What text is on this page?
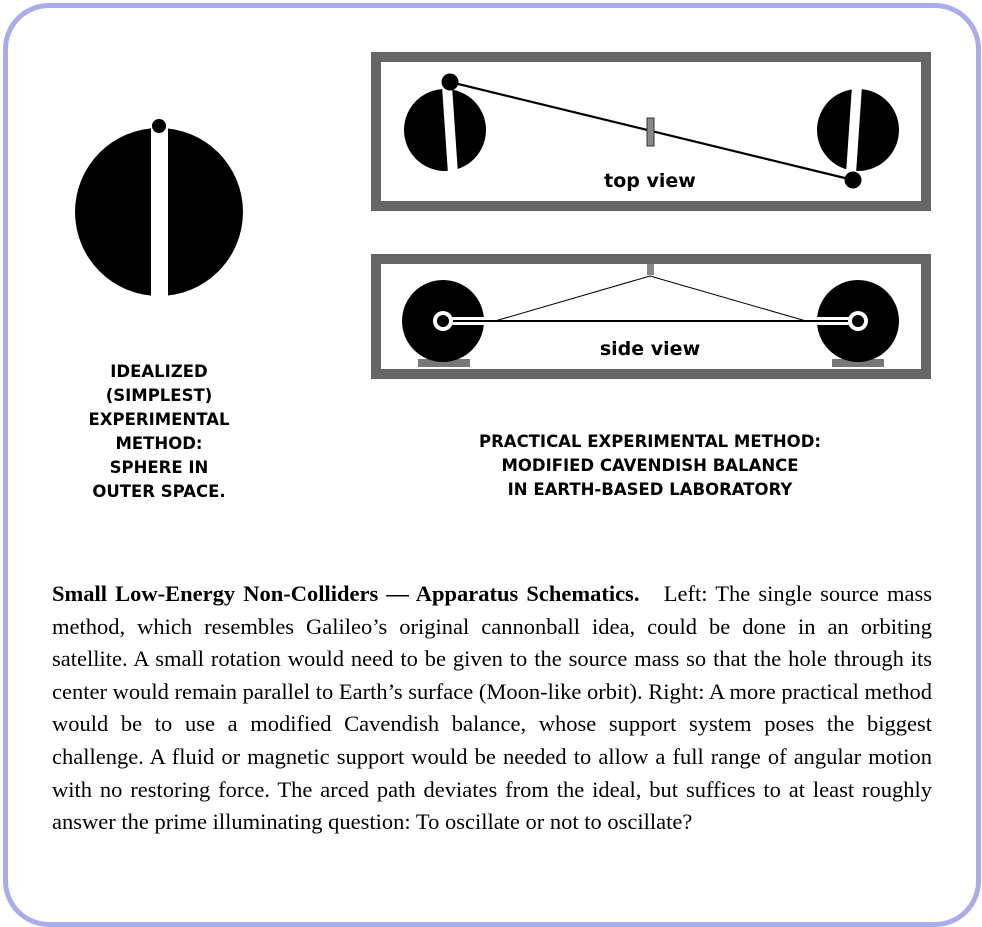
top view
side view
IDEALIZED
(SIMPLEST)
EXPERIMENTAL
METHOD:
SPHERE IN
OUTER SPACE.
PRACTICAL EXPERIMENTAL METHOD:
MODIFIED CAVENDISH BALANCE
IN EARTH-BASED LABORATORY
Small Low-Energy Non-Colliders — Apparatus Schematics. Left: The single source mass method, which resembles Galileo’s original cannonball idea, could be done in an orbiting satellite. A small rotation would need to be given to the source mass so that the hole through its center would remain parallel to Earth’s surface (Moon-like orbit). Right: A more practical method would be to use a modified Cavendish balance, whose support system poses the biggest challenge. A fluid or magnetic support would be needed to allow a full range of angular motion with no restoring force. The arced path deviates from the ideal, but suffices to at least roughly answer the prime illuminating question: To oscillate or not to oscillate?
